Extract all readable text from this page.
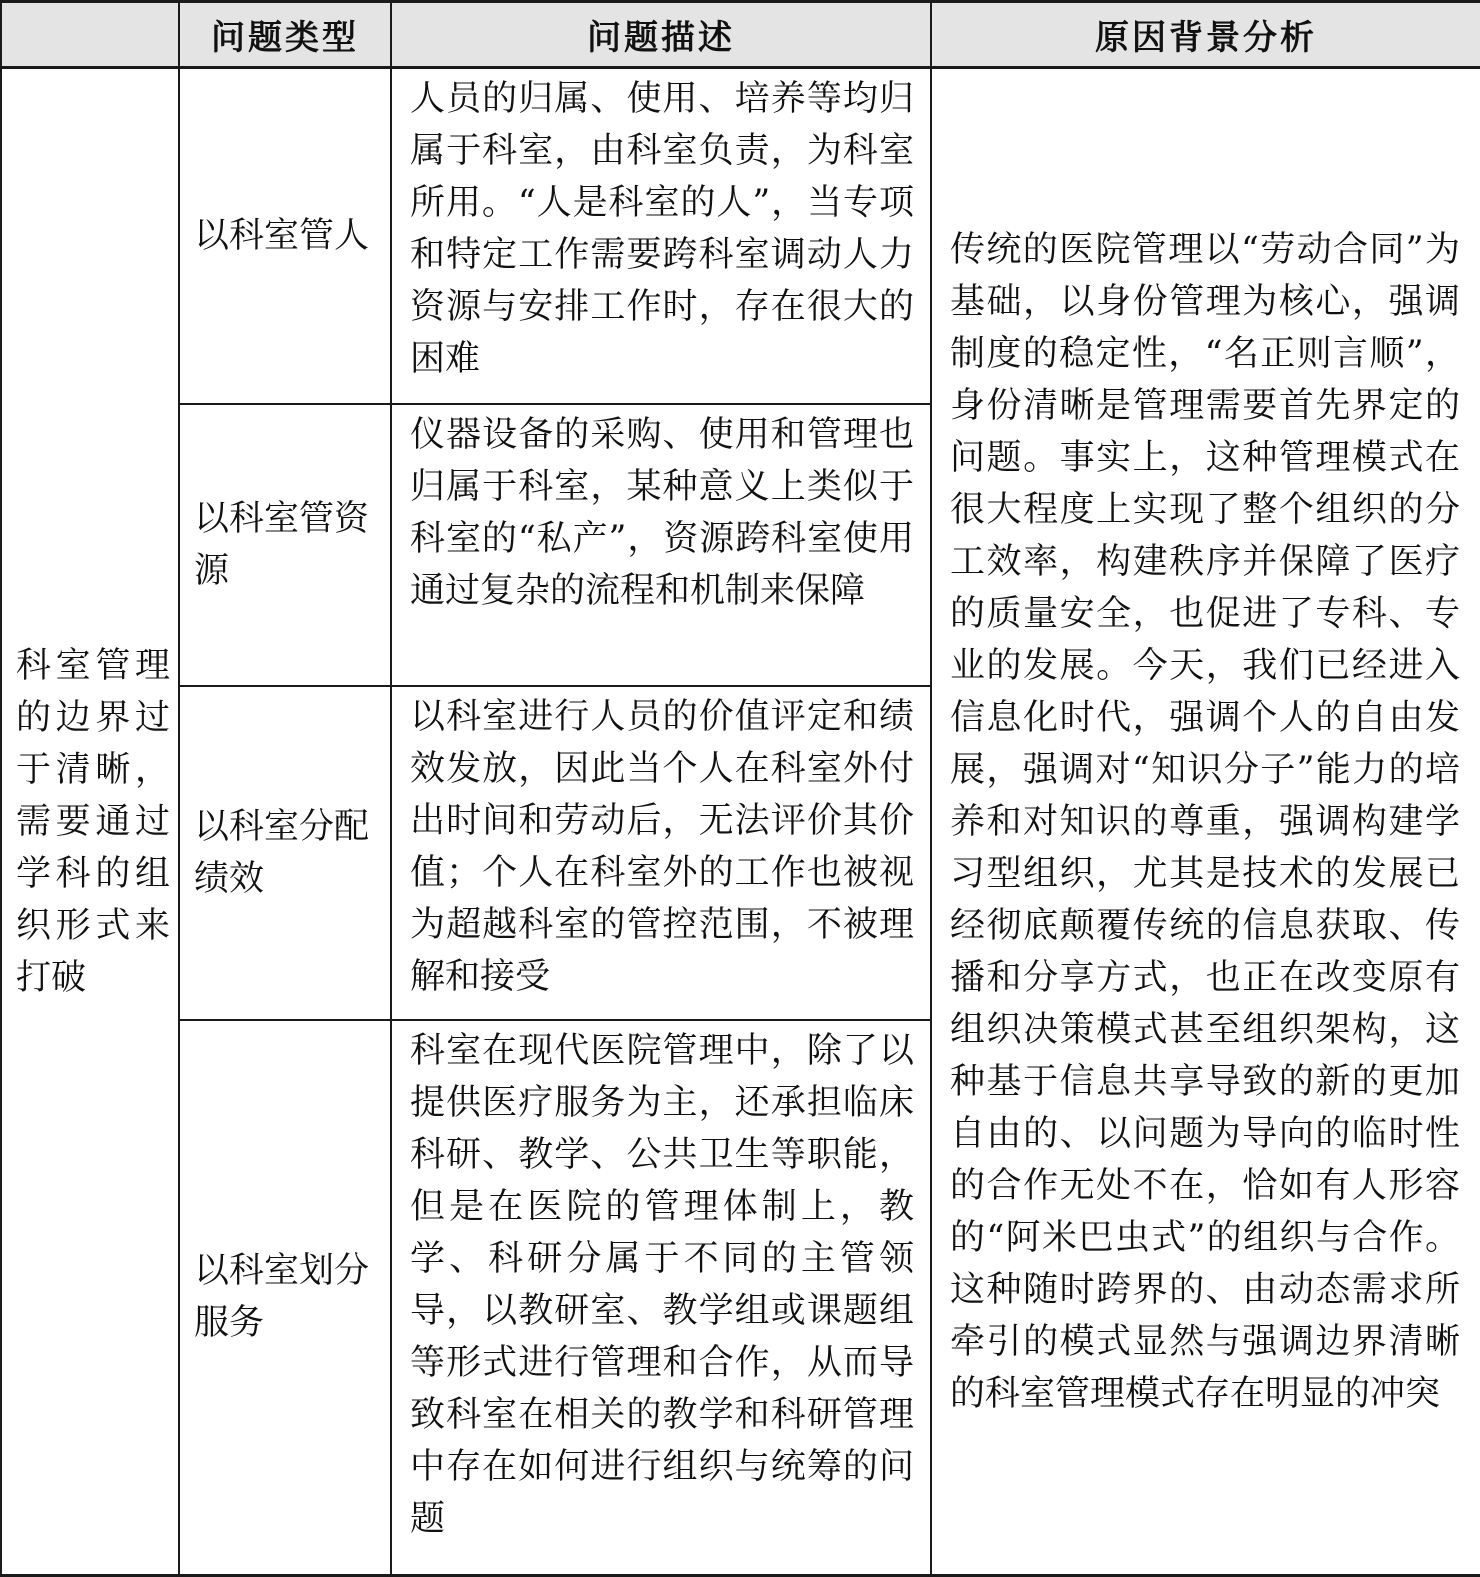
	问题类型	问题描述	原因背景分析
科室管理的边界过于清晰，需要通过学科的组织形式来打破	以科室管人	人员的归属、使用、培养等均归属于科室，由科室负责，为科室所用。“人是科室的人”，当专项和特定工作需要跨科室调动人力资源与安排工作时，存在很大的困难	传统的医院管理以“劳动合同”为基础，以身份管理为核心，强调制度的稳定性，“名正则言顺”，身份清晰是管理需要首先界定的问题。事实上，这种管理模式在很大程度上实现了整个组织的分工效率，构建秩序并保障了医疗的质量安全，也促进了专科、专业的发展。今天，我们已经进入信息化时代，强调个人的自由发展，强调对“知识分子”能力的培养和对知识的尊重，强调构建学习型组织，尤其是技术的发展已经彻底颠覆传统的信息获取、传播和分享方式，也正在改变原有组织决策模式甚至组织架构，这种基于信息共享导致的新的更加自由的、以问题为导向的临时性的合作无处不在，恰如有人形容的“阿米巴虫式”的组织与合作。这种随时跨界的、由动态需求所牵引的模式显然与强调边界清晰的科室管理模式存在明显的冲突
	以科室管资源	仪器设备的采购、使用和管理也归属于科室，某种意义上类似于科室的“私产”，资源跨科室使用通过复杂的流程和机制来保障	
	以科室分配绩效	以科室进行人员的价值评定和绩效发放，因此当个人在科室外付出时间和劳动后，无法评价其价值；个人在科室外的工作也被视为超越科室的管控范围，不被理解和接受	
	以科室划分服务	科室在现代医院管理中，除了以提供医疗服务为主，还承担临床科研、教学、公共卫生等职能，但是在医院的管理体制上，教学、科研分属于不同的主管领导，以教研室、教学组或课题组等形式进行管理和合作，从而导致科室在相关的教学和科研管理中存在如何进行组织与统筹的问题	
